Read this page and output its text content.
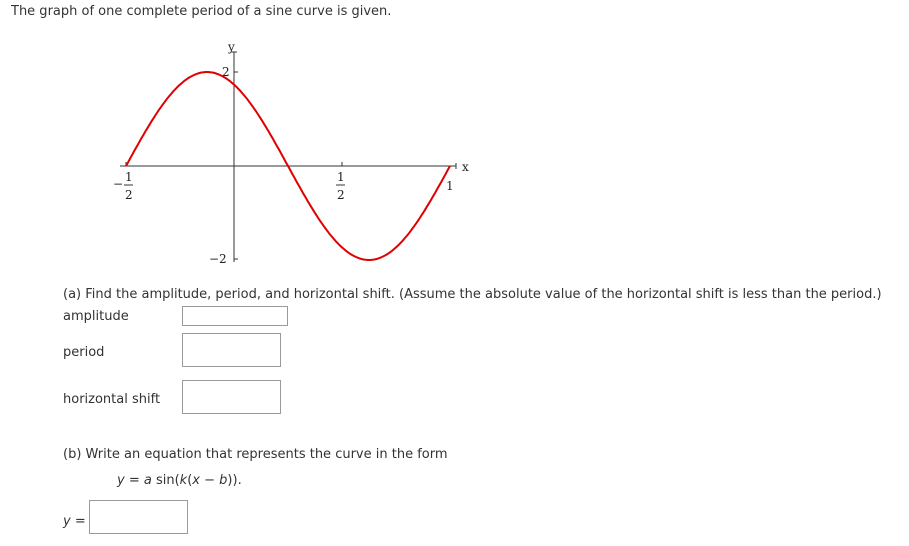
The graph of one complete period of a sine curve is given.
y
x
2
−2
− 1
2
1
2
1
(a) Find the amplitude, period, and horizontal shift. (Assume the absolute value of the horizontal shift is less than the period.)
amplitude
period
horizontal shift
(b) Write an equation that represents the curve in the form
y = a sin(k(x − b)).
y =
